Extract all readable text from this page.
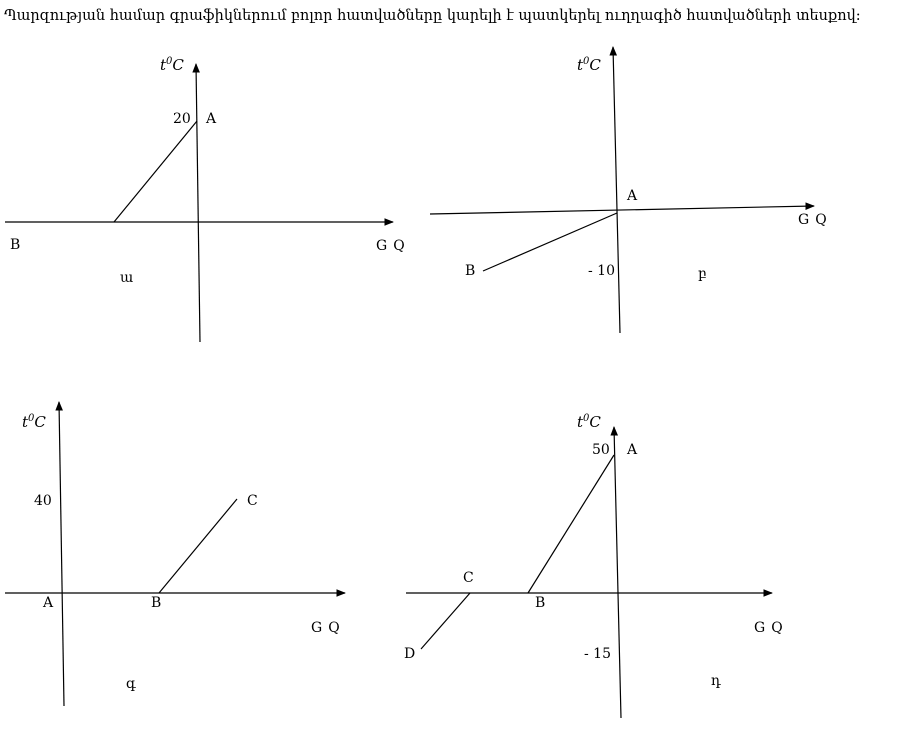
Պարզության համար գրաֆիկներում բոլոր հատվածները կարելի է պատկերել ուղղագիծ հատվածների տեսքով:

$t^0C$
20 A
B	G Q
ա
$t^0C$
A
B	- 10
G Q
բ
$t^0C$
40	C
A	B
G Q
գ
$t^0C$
50 A
C
B
D	- 15
G Q
դ
